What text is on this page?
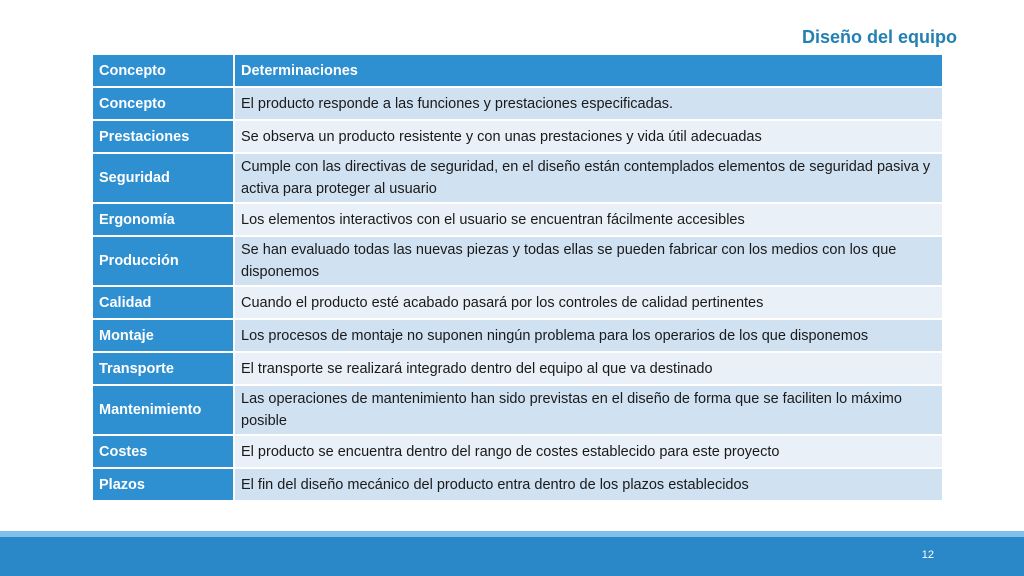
Diseño del equipo
Concepto	Determinaciones
Concepto	El producto responde a las funciones y prestaciones especificadas.
Prestaciones	Se observa un producto resistente y con unas prestaciones y vida útil adecuadas
Seguridad	Cumple con las directivas de seguridad, en el diseño están contemplados elementos de seguridad pasiva y activa para proteger al usuario
Ergonomía	Los elementos interactivos con el usuario se encuentran fácilmente accesibles
Producción	Se han evaluado todas las nuevas piezas y todas ellas se pueden fabricar con los medios con los que disponemos
Calidad	Cuando el producto esté acabado pasará por los controles de calidad pertinentes
Montaje	Los procesos de montaje no suponen ningún problema para los operarios de los que disponemos
Transporte	El transporte se realizará integrado dentro del equipo al que va destinado
Mantenimiento	Las operaciones de mantenimiento han sido previstas en el diseño de forma que se faciliten lo máximo posible
Costes	El producto se encuentra dentro del rango de costes establecido para este proyecto
Plazos	El fin del diseño mecánico del producto entra dentro de los plazos establecidos
12
